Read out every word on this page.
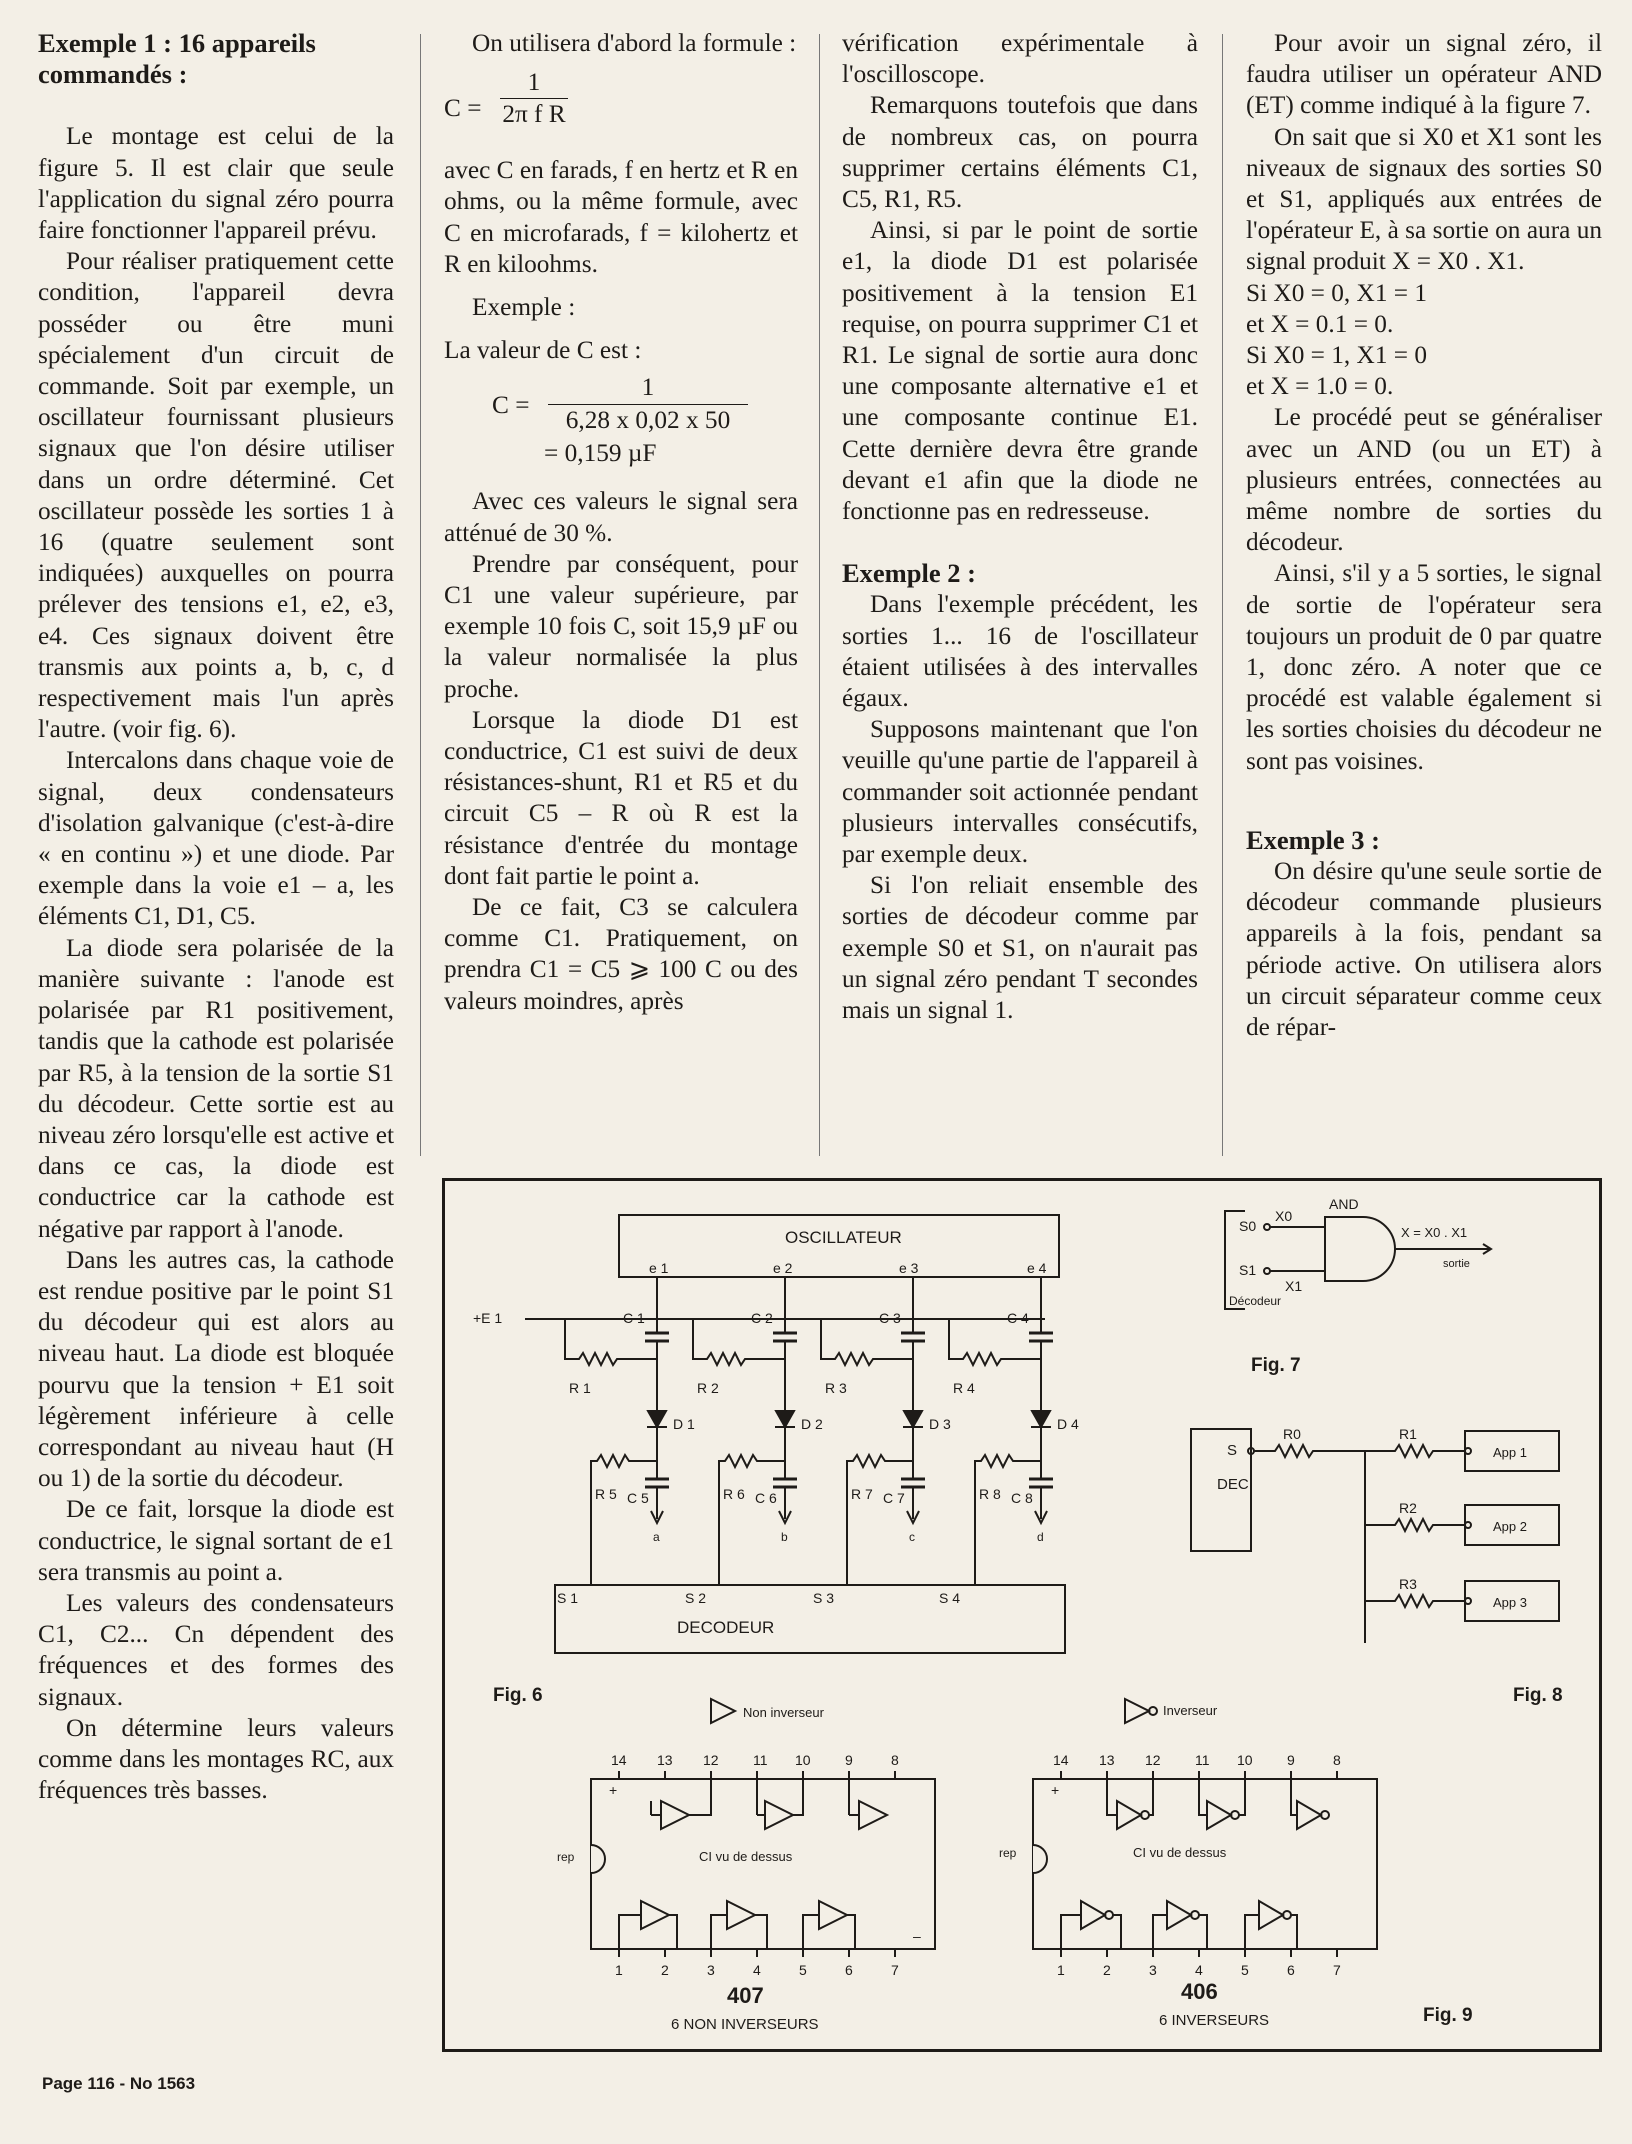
Exemple 1 : 16 appareils commandés :

Le montage est celui de la figure 5. Il est clair que seule l'application du signal zéro pourra faire fonctionner l'appareil prévu.

Pour réaliser pratiquement cette condition, l'appareil devra posséder ou être muni spécialement d'un circuit de commande. Soit par exemple, un oscillateur fournissant plusieurs signaux que l'on désire utiliser dans un ordre déterminé. Cet oscillateur possède les sorties 1 à 16 (quatre seulement sont indiquées) auxquelles on pourra prélever des tensions e1, e2, e3, e4. Ces signaux doivent être transmis aux points a, b, c, d respectivement mais l'un après l'autre. (voir fig. 6).

Intercalons dans chaque voie de signal, deux condensateurs d'isolation galvanique (c'est-à-dire « en continu ») et une diode. Par exemple dans la voie e1 – a, les éléments C1, D1, C5.

La diode sera polarisée de la manière suivante : l'anode est polarisée par R1 positivement, tandis que la cathode est polarisée par R5, à la tension de la sortie S1 du décodeur. Cette sortie est au niveau zéro lorsqu'elle est active et dans ce cas, la diode est conductrice car la cathode est négative par rapport à l'anode.

Dans les autres cas, la cathode est rendue positive par le point S1 du décodeur qui est alors au niveau haut. La diode est bloquée pourvu que la tension + E1 soit légèrement inférieure à celle correspondant au niveau haut (H ou 1) de la sortie du décodeur.

De ce fait, lorsque la diode est conductrice, le signal sortant de e1 sera transmis au point a.

Les valeurs des condensateurs C1, C2... Cn dépendent des fréquences et des formes des signaux.

On détermine leurs valeurs comme dans les montages RC, aux fréquences très basses.

On utilisera d'abord la formule :

$C = \frac{1}{\text{2π f R}}$

avec C en farads, f en hertz et R en ohms, ou la même formule, avec C en microfarads, f = kilohertz et R en kiloohms.

Exemple :

La valeur de C est :

$C = \frac{1}{6,28 x 0,02 x 50}$
= 0,159 µF

Avec ces valeurs le signal sera atténué de 30 %.

Prendre par conséquent, pour C1 une valeur supérieure, par exemple 10 fois C, soit 15,9 µF ou la valeur normalisée la plus proche.

Lorsque la diode D1 est conductrice, C1 est suivi de deux résistances-shunt, R1 et R5 et du circuit C5 – R où R est la résistance d'entrée du montage dont fait partie le point a.

De ce fait, C3 se calculera comme C1. Pratiquement, on prendra C1 = C5 ⩾ 100 C ou des valeurs moindres, après

vérification expérimentale à l'oscilloscope.

Remarquons toutefois que dans de nombreux cas, on pourra supprimer certains éléments C1, C5, R1, R5.

Ainsi, si par le point de sortie e1, la diode D1 est polarisée positivement à la tension E1 requise, on pourra supprimer C1 et R1. Le signal de sortie aura donc une composante alternative e1 et une composante continue E1. Cette dernière devra être grande devant e1 afin que la diode ne fonctionne pas en redresseuse.

Exemple 2 :

Dans l'exemple précédent, les sorties 1... 16 de l'oscillateur étaient utilisées à des intervalles égaux.

Supposons maintenant que l'on veuille qu'une partie de l'appareil à commander soit actionnée pendant plusieurs intervalles consécutifs, par exemple deux.

Si l'on reliait ensemble des sorties de décodeur comme par exemple S0 et S1, on n'aurait pas un signal zéro pendant T secondes mais un signal 1.

Pour avoir un signal zéro, il faudra utiliser un opérateur AND (ET) comme indiqué à la figure 7.

On sait que si X0 et X1 sont les niveaux de signaux des sorties S0 et S1, appliqués aux entrées de l'opérateur E, à sa sortie on aura un signal produit X = X0 . X1.

Si X0 = 0, X1 = 1

et X = 0.1 = 0.

Si X0 = 1, X1 = 0

et X = 1.0 = 0.

Le procédé peut se généraliser avec un AND (ou un ET) à plusieurs entrées, connectées au même nombre de sorties du décodeur.

Ainsi, s'il y a 5 sorties, le signal de sortie de l'opérateur sera toujours un produit de 0 par quatre 1, donc zéro. A noter que ce procédé est valable également si les sorties choisies du décodeur ne sont pas voisines.

Exemple 3 :

On désire qu'une seule sortie de décodeur commande plusieurs appareils à la fois, pendant sa période active. On utilisera alors un circuit séparateur comme ceux de répar-

OSCILLATEUR
e 1	e 2	e 3	e 4
+E 1
DECODEUR
C 1
R 1
D 1
R 5 C 5
a
C 2
R 2
D 2
R 6 C 6
b
C 3
R 3
D 3
R 7 C 7
c
C 4
R 4
D 4
R 8 C 8
d
S 1	S 2	S 3	S 4
Fig. 6
S0
X0
S1
X1
AND
X = X0 . X1
sortie
Décodeur
Fig. 7
DEC
S
R0	R1
R2
R3
App 1
App 2
App 3
Fig. 8
Non inverseur	Inverseur
rep
+
–
CI vu de dessus
14 13 12 11 10 9	8
1	2	3	4	5	6	7
407
6 NON INVERSEURS
rep
+
CI vu de dessus
14 13 12 11 10 9	8
1	2	3	4	5	6	7
406
6 INVERSEURS	Fig. 9
Page 116 - No 1563
